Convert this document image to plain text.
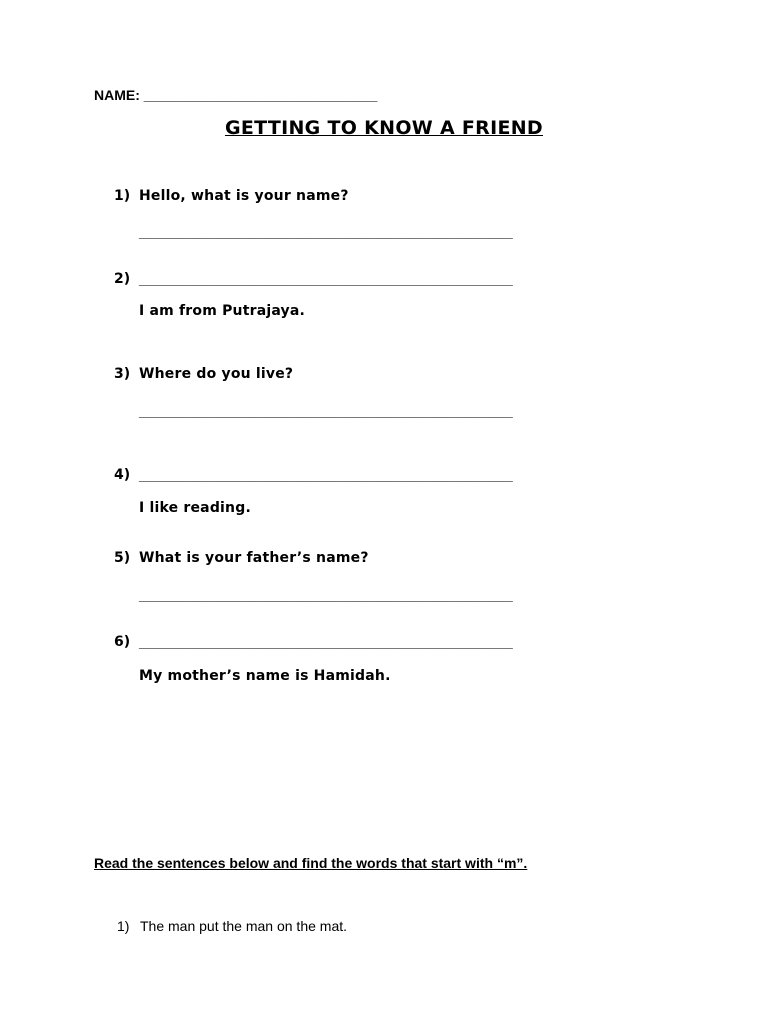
NAME: ______________________________
GETTING TO KNOW A FRIEND
1) Hello, what is your name?
________________________________________________
2) ________________________________________________
I am from Putrajaya.
3) Where do you live?
________________________________________________
4) ________________________________________________
I like reading.
5) What is your father’s name?
________________________________________________
6) ________________________________________________
My mother’s name is Hamidah.
Read the sentences below and find the words that start with “m”.
1) The man put the man on the mat.
